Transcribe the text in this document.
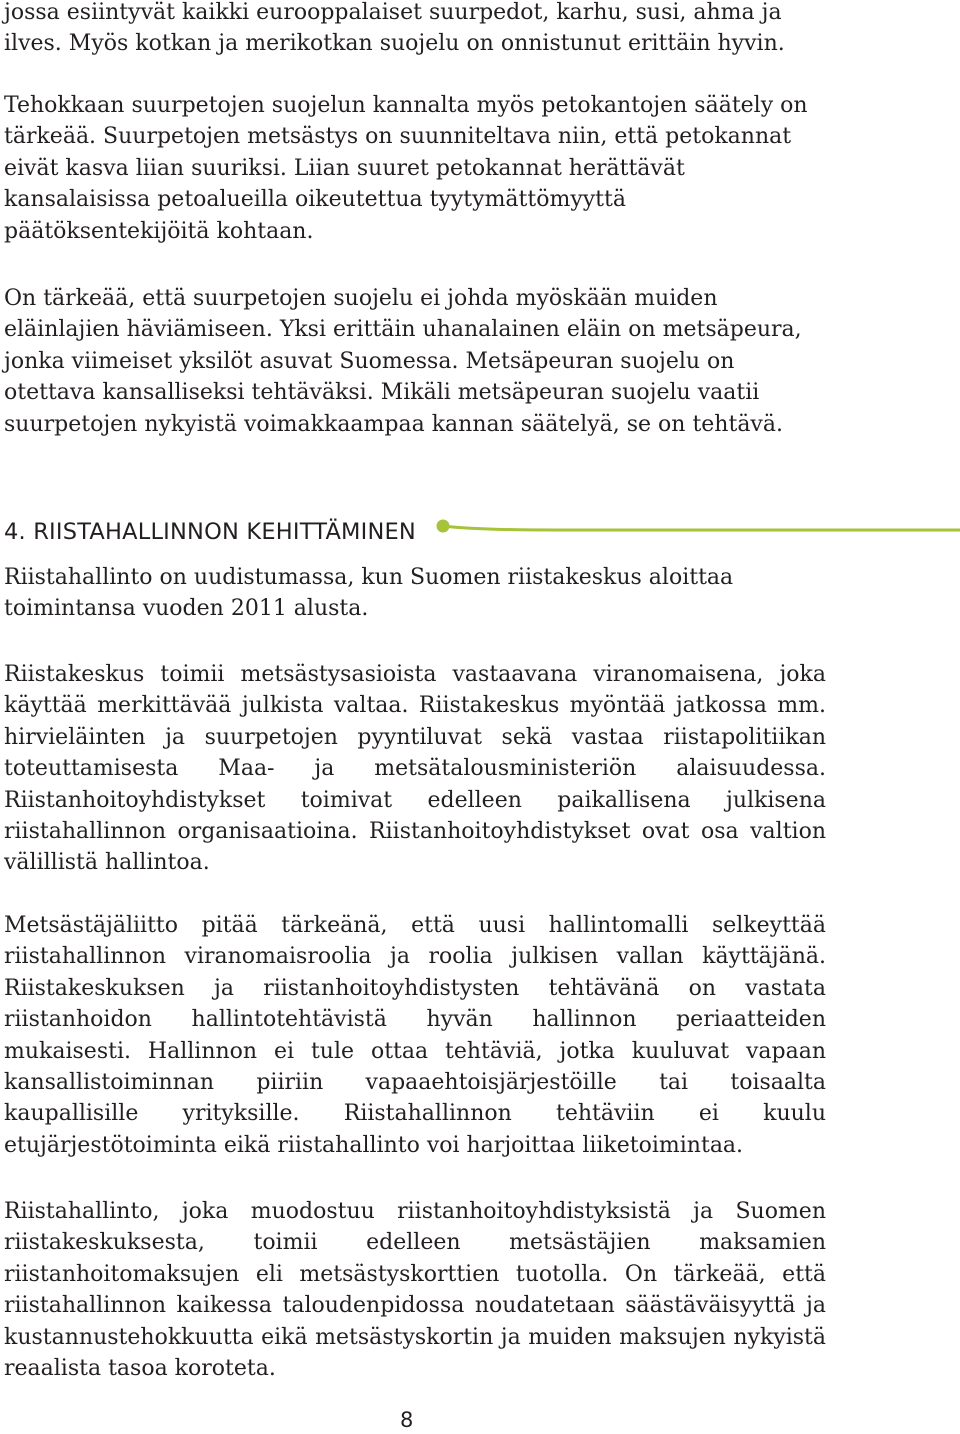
jossa esiintyvät kaikki eurooppalaiset suurpedot, karhu, susi, ahma ja ilves. Myös kotkan ja merikotkan suojelu on onnistunut erittäin hyvin.

Tehokkaan suurpetojen suojelun kannalta myös petokantojen säätely on tärkeää. Suurpetojen metsästys on suunniteltava niin, että petokannat eivät kasva liian suuriksi. Liian suuret petokannat herättävät kansalaisissa petoalueilla oikeutettua tyytymättömyyttä päätöksentekijöitä kohtaan.

On tärkeää, että suurpetojen suojelu ei johda myöskään muiden eläinlajien häviämiseen. Yksi erittäin uhanalainen eläin on metsäpeura, jonka viimeiset yksilöt asuvat Suomessa. Metsäpeuran suojelu on otettava kansalliseksi tehtäväksi. Mikäli metsäpeuran suojelu vaatii suurpetojen nykyistä voimakkaampaa kannan säätelyä, se on tehtävä.

4. RIISTAHALLINNON KEHITTÄMINEN

Riistahallinto on uudistumassa, kun Suomen riistakeskus aloittaa toimintansa vuoden 2011 alusta.

Riistakeskus toimii metsästysasioista vastaavana viranomaisena, joka käyttää merkittävää julkista valtaa. Riistakeskus myöntää jatkossa mm. hirvieläinten ja suurpetojen pyyntiluvat sekä vastaa riistapolitiikan toteuttamisesta Maa- ja metsätalousministeriön alaisuudessa. Riistanhoitoyhdistykset toimivat edelleen paikallisena julkisena riistahallinnon organisaatioina. Riistanhoitoyhdistykset ovat osa valtion välillistä hallintoa.

Metsästäjäliitto pitää tärkeänä, että uusi hallintomalli selkeyttää riistahallinnon viranomaisroolia ja roolia julkisen vallan käyttäjänä. Riistakeskuksen ja riistanhoitoyhdistysten tehtävänä on vastata riistanhoidon hallintotehtävistä hyvän hallinnon periaatteiden mukaisesti. Hallinnon ei tule ottaa tehtäviä, jotka kuuluvat vapaan kansallistoiminnan piiriin vapaaehtoisjärjestöille tai toisaalta kaupallisille yrityksille. Riistahallinnon tehtäviin ei kuulu etujärjestötoiminta eikä riistahallinto voi harjoittaa liiketoimintaa.

Riistahallinto, joka muodostuu riistanhoitoyhdistyksistä ja Suomen riistakeskuksesta, toimii edelleen metsästäjien maksamien riistanhoitomaksujen eli metsästyskorttien tuotolla. On tärkeää, että riistahallinnon kaikessa taloudenpidossa noudatetaan säästäväisyyttä ja kustannustehokkuutta eikä metsästyskortin ja muiden maksujen nykyistä reaalista tasoa koroteta.

8
